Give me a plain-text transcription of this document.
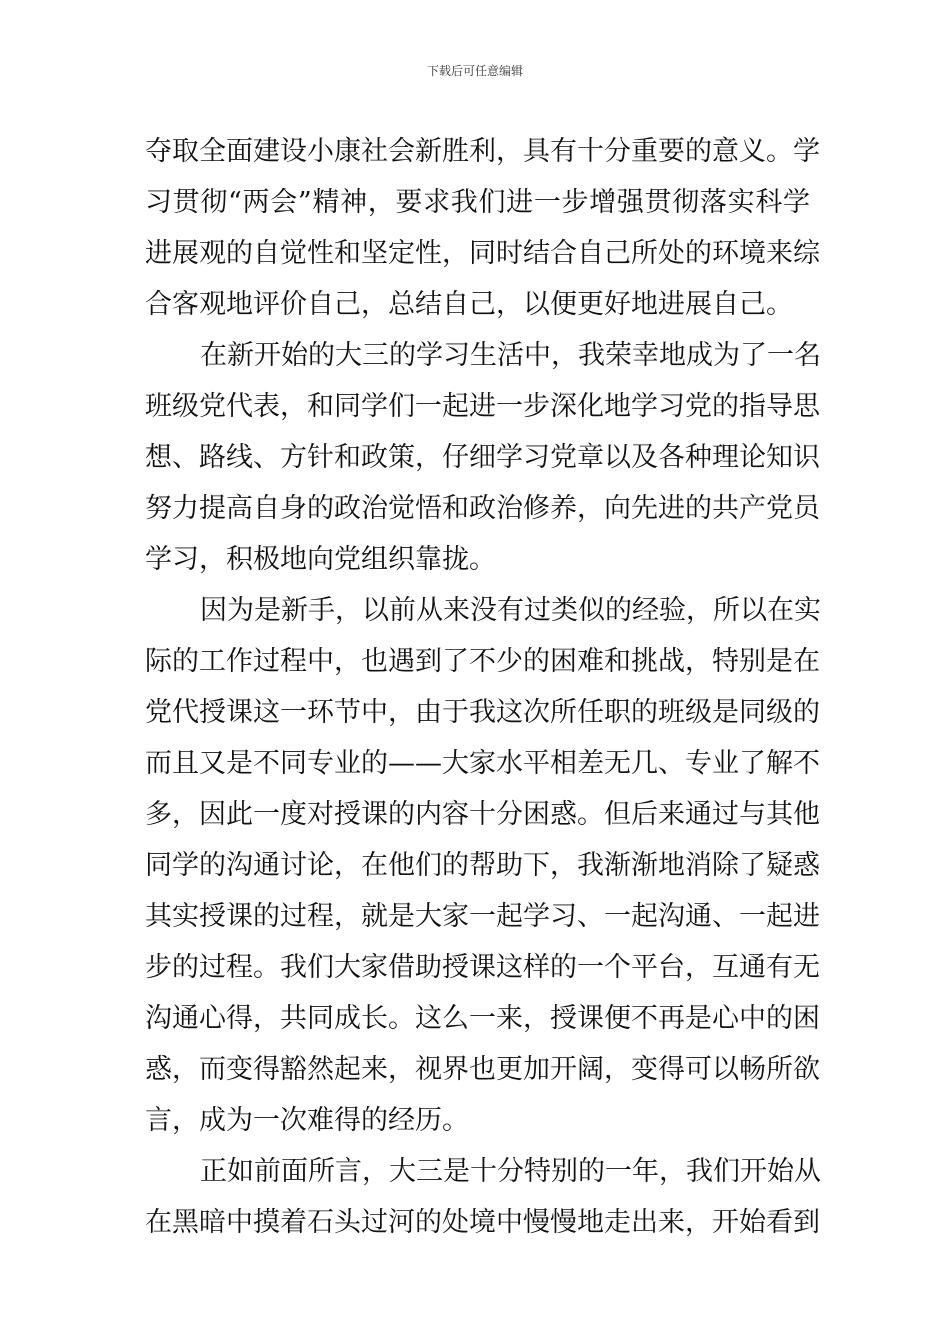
下载后可任意编辑
夺取全面建设小康社会新胜利，具有十分重要的意义。学
习贯彻“两会”精神，要求我们进一步增强贯彻落实科学
进展观的自觉性和坚定性，同时结合自己所处的环境来综
合客观地评价自己，总结自己，以便更好地进展自己。
在新开始的大三的学习生活中，我荣幸地成为了一名
班级党代表，和同学们一起进一步深化地学习党的指导思
想、路线、方针和政策，仔细学习党章以及各种理论知识
努力提高自身的政治觉悟和政治修养，向先进的共产党员
学习，积极地向党组织靠拢。
因为是新手，以前从来没有过类似的经验，所以在实
际的工作过程中，也遇到了不少的困难和挑战，特别是在
党代授课这一环节中，由于我这次所任职的班级是同级的
而且又是不同专业的——大家水平相差无几、专业了解不
多，因此一度对授课的内容十分困惑。但后来通过与其他
同学的沟通讨论，在他们的帮助下，我渐渐地消除了疑惑
其实授课的过程，就是大家一起学习、一起沟通、一起进
步的过程。我们大家借助授课这样的一个平台，互通有无
沟通心得，共同成长。这么一来，授课便不再是心中的困
惑，而变得豁然起来，视界也更加开阔，变得可以畅所欲
言，成为一次难得的经历。
正如前面所言，大三是十分特别的一年，我们开始从
在黑暗中摸着石头过河的处境中慢慢地走出来，开始看到
